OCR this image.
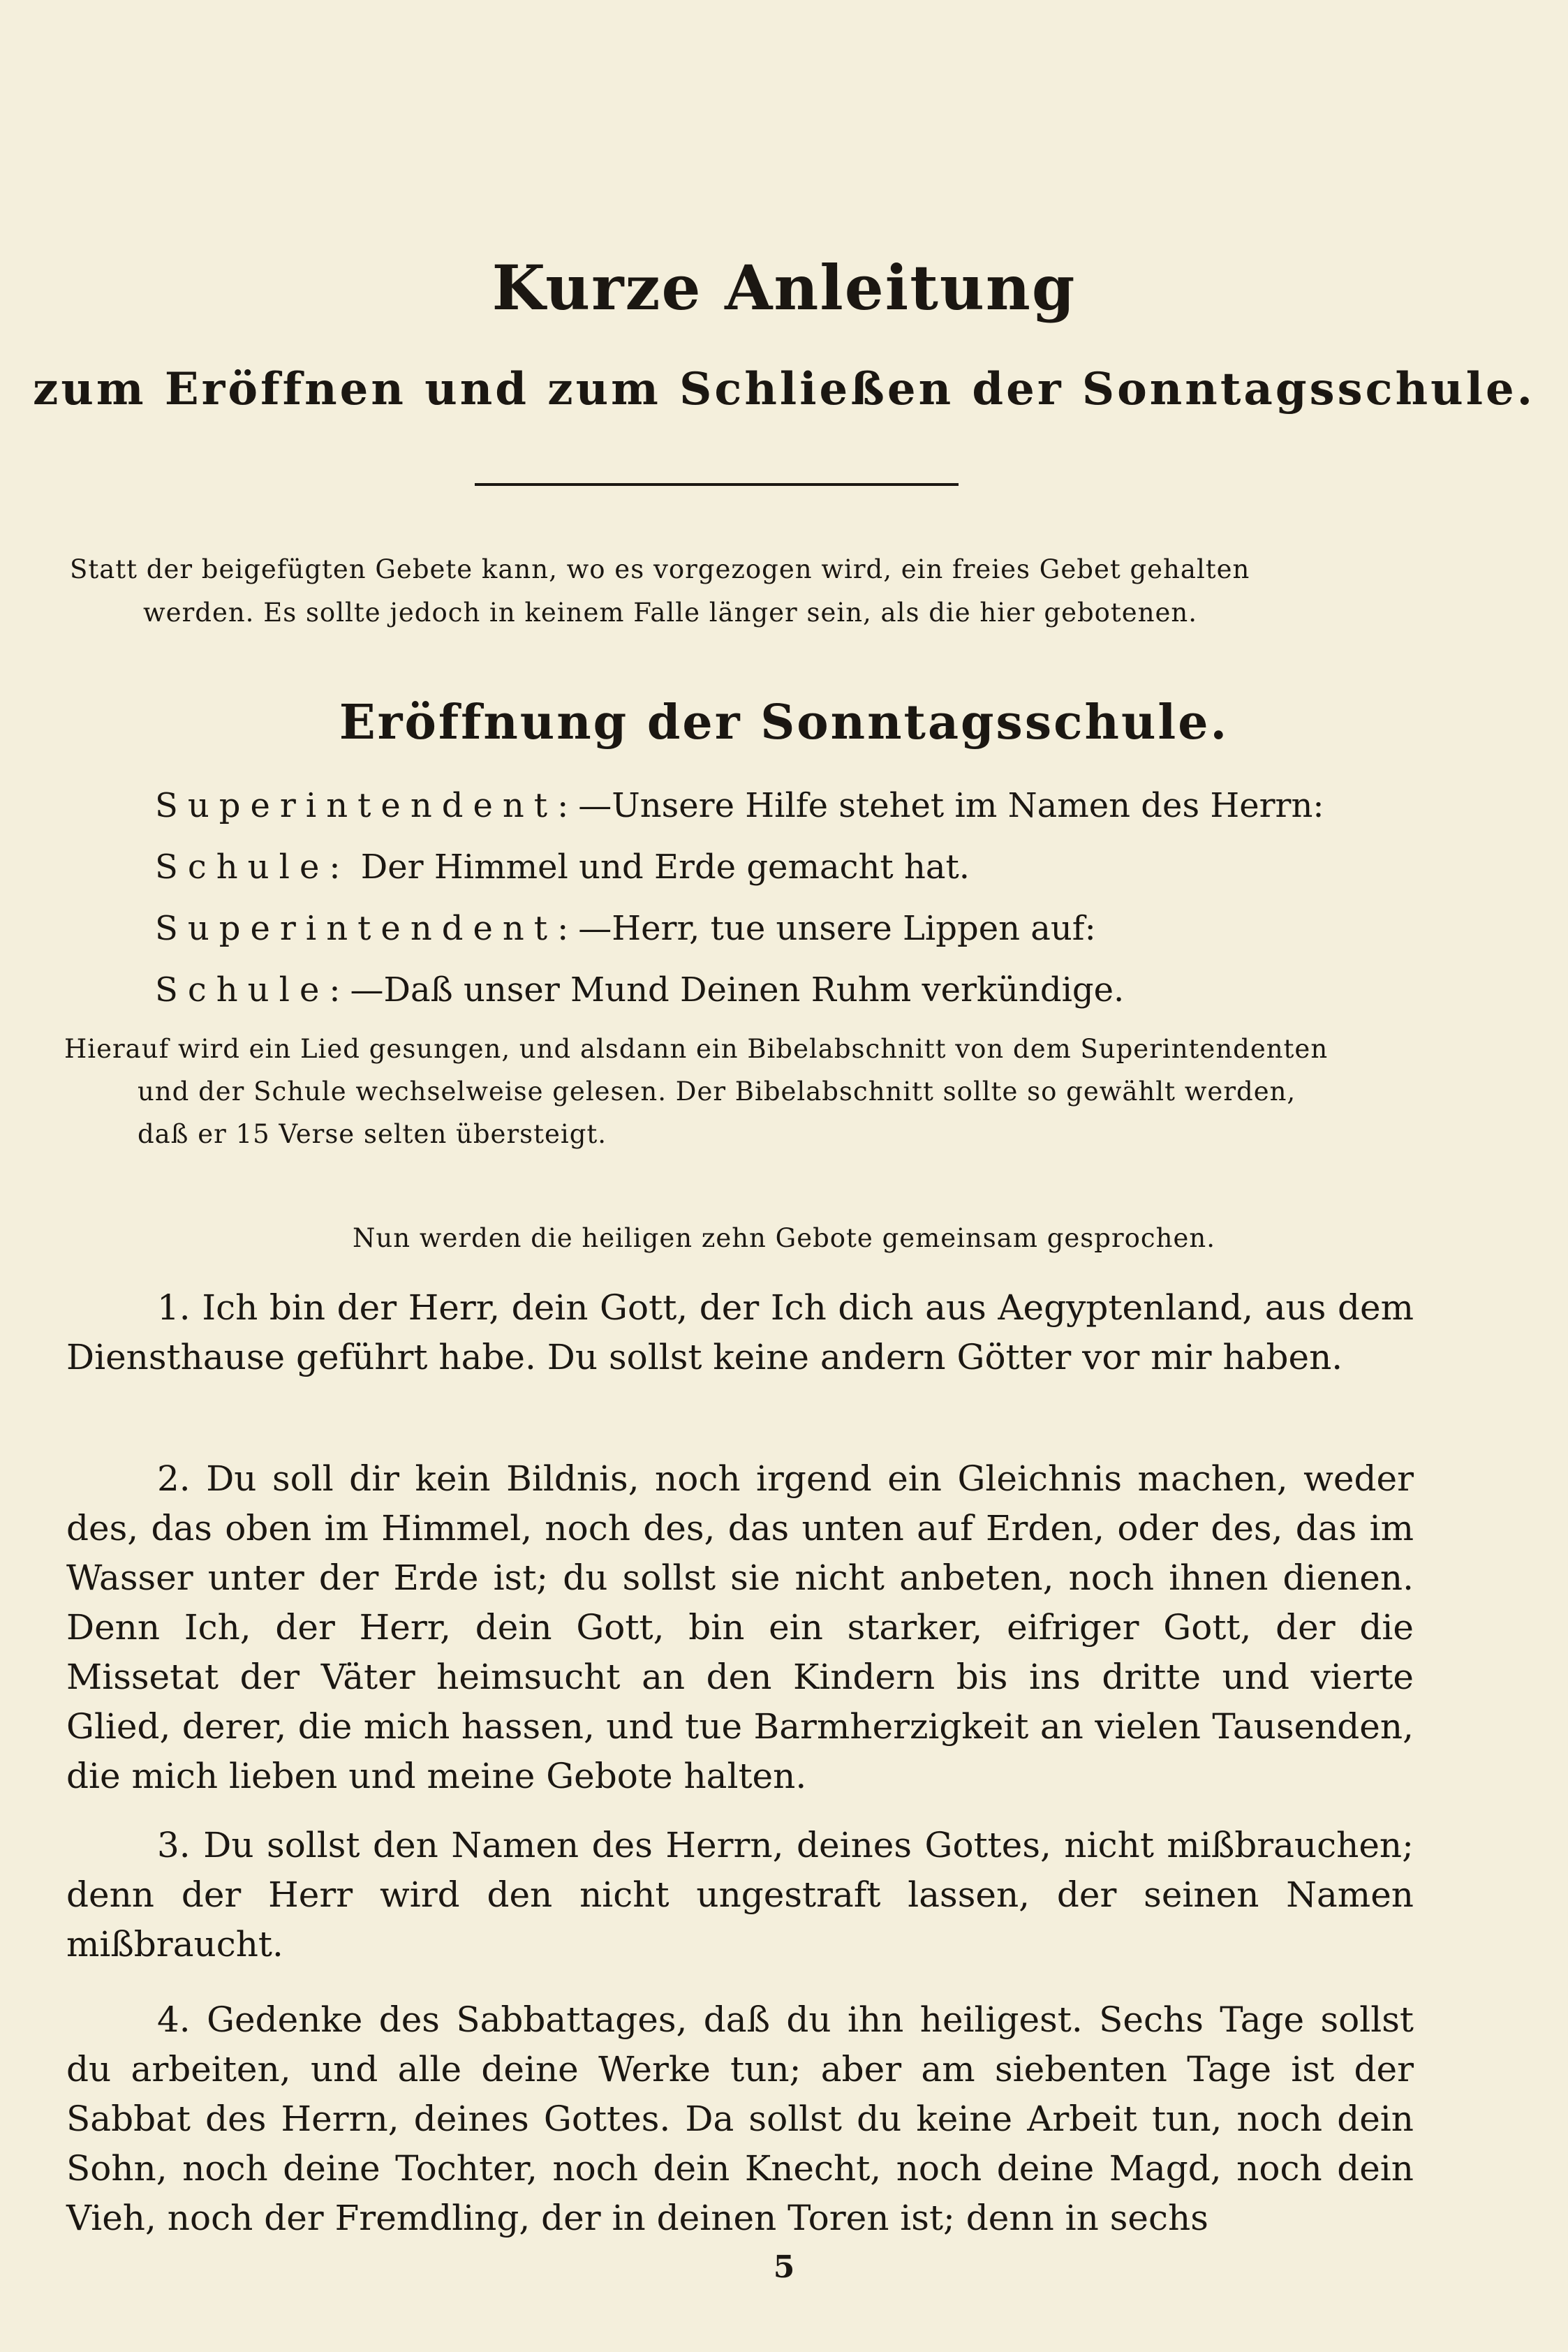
Kurze Anleitung
zum Eröffnen und zum Schließen der Sonntagsschule.
Statt der beigefügten Gebete kann, wo es vorgezogen wird, ein freies Gebet gehalten
werden. Es sollte jedoch in keinem Falle länger sein, als die hier gebotenen.
Eröffnung der Sonntagsschule.
Superintendent:—Unsere Hilfe stehet im Namen des Herrn:
Schule: Der Himmel und Erde gemacht hat.
Superintendent:—Herr, tue unsere Lippen auf:
Schule:—Daß unser Mund Deinen Ruhm verkündige.
Hierauf wird ein Lied gesungen, und alsdann ein Bibelabschnitt von dem Superintendenten
und der Schule wechselweise gelesen. Der Bibelabschnitt sollte so gewählt werden,
daß er 15 Verse selten übersteigt.
Nun werden die heiligen zehn Gebote gemeinsam gesprochen.
1. Ich bin der Herr, dein Gott, der Ich dich aus Aegyptenland, aus dem Diensthause geführt habe. Du sollst keine andern Götter vor mir haben.
2. Du soll dir kein Bildnis, noch irgend ein Gleichnis machen, weder des, das oben im Himmel, noch des, das unten auf Erden, oder des, das im Wasser unter der Erde ist; du sollst sie nicht anbeten, noch ihnen dienen. Denn Ich, der Herr, dein Gott, bin ein starker, eifriger Gott, der die Missetat der Väter heimsucht an den Kindern bis ins dritte und vierte Glied, derer, die mich hassen, und tue Barmherzigkeit an vielen Tausenden, die mich lieben und meine Gebote halten.
3. Du sollst den Namen des Herrn, deines Gottes, nicht mißbrauchen; denn der Herr wird den nicht ungestraft lassen, der seinen Namen mißbraucht.
4. Gedenke des Sabbattages, daß du ihn heiligest. Sechs Tage sollst du arbeiten, und alle deine Werke tun; aber am siebenten Tage ist der Sabbat des Herrn, deines Gottes. Da sollst du keine Arbeit tun, noch dein Sohn, noch deine Tochter, noch dein Knecht, noch deine Magd, noch dein Vieh, noch der Fremdling, der in deinen Toren ist; denn in sechs
5
